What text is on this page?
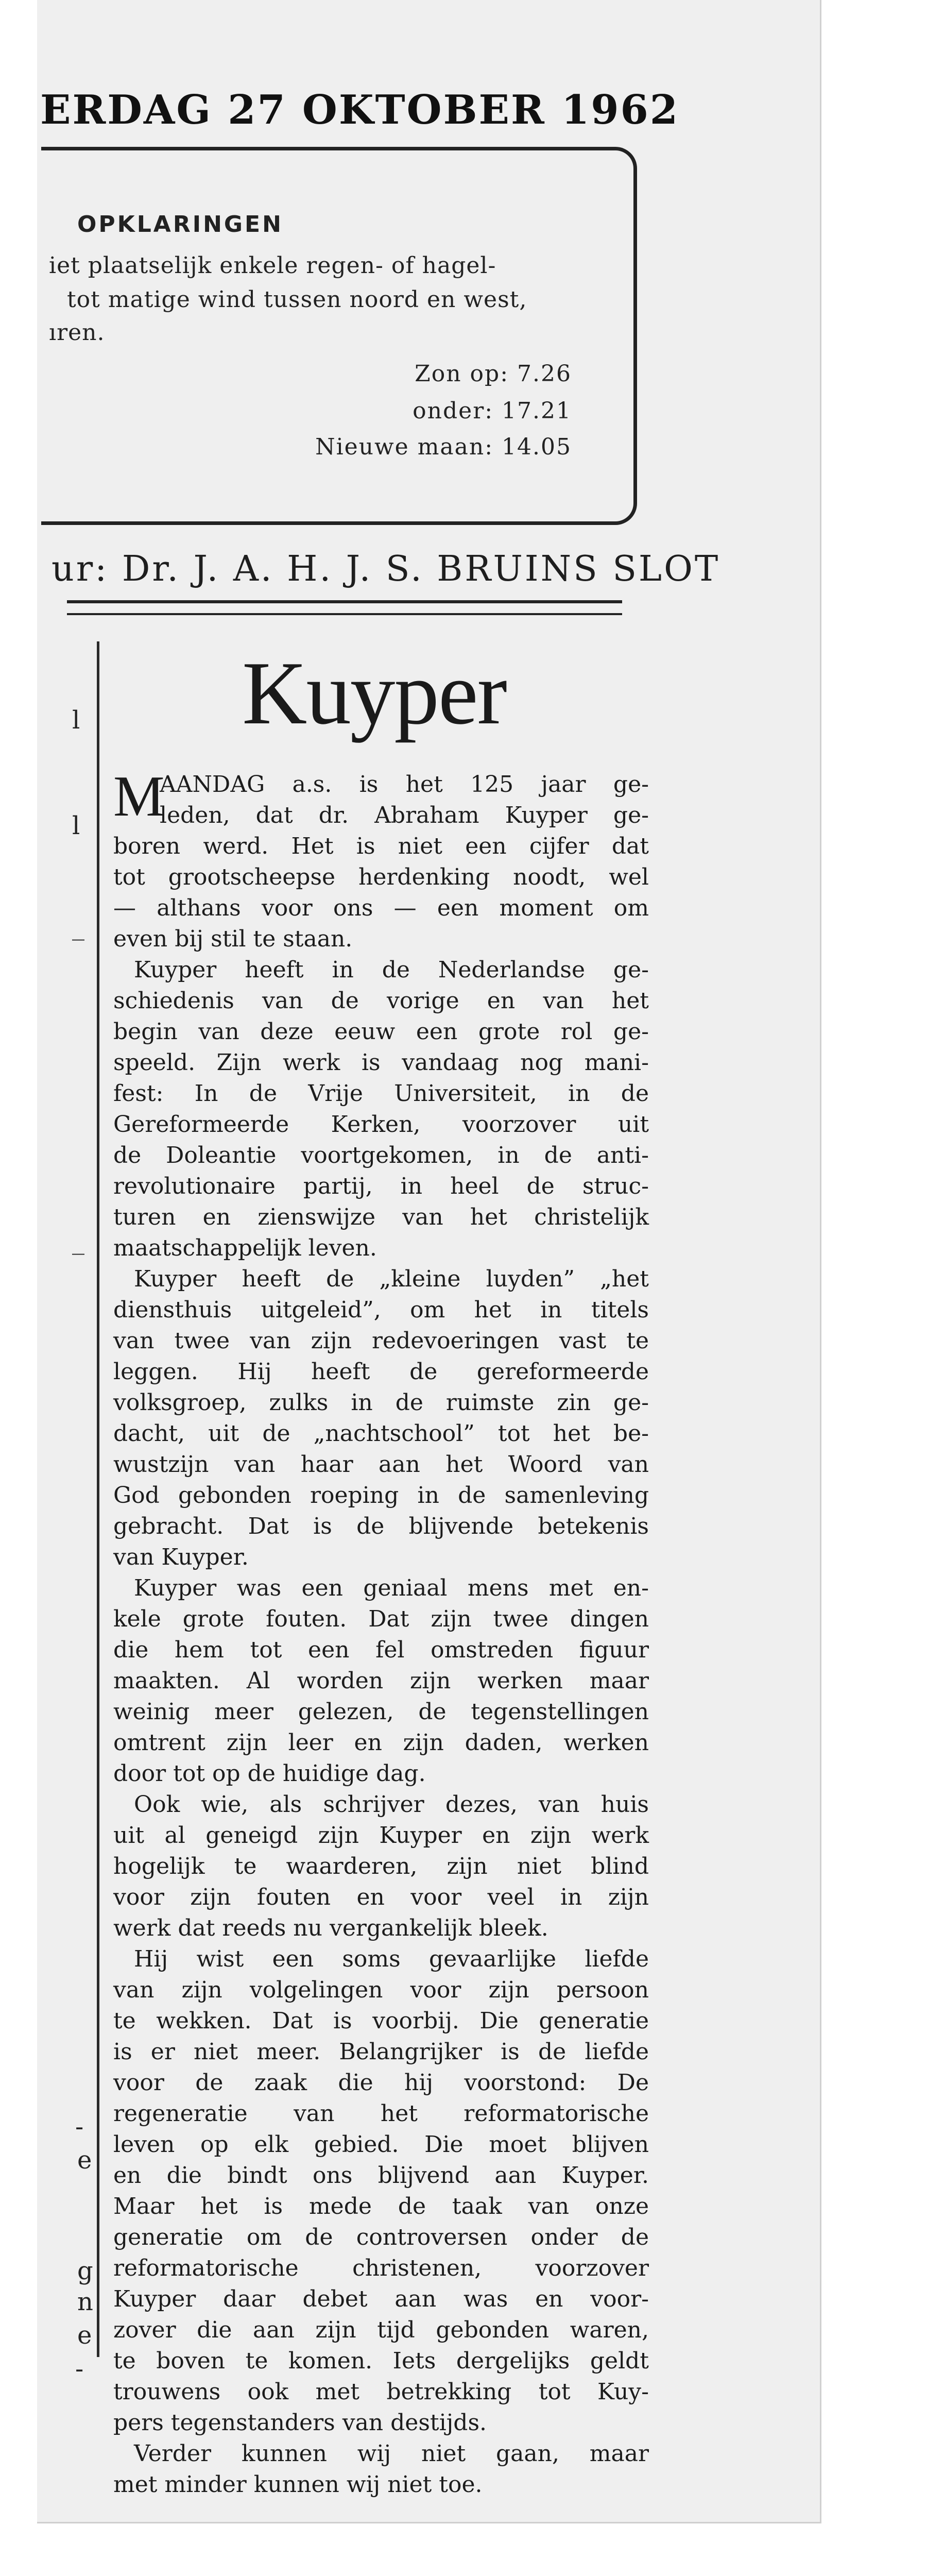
ERDAG 27 OKTOBER 1962
OPKLARINGEN
iet plaatselijk enkele regen- of hagel-
tot matige wind tussen noord en west,
ıren.
Zon op: 7.26
onder: 17.21
Nieuwe maan: 14.05
ur: Dr. J. A. H. J. S. BRUINS SLOT
l
l
_
_
-
e
g
n
e
-
Kuyper
M
AANDAG a.s. is het 125 jaar ge-
leden, dat dr. Abraham Kuyper ge-
boren werd. Het is niet een cijfer dat
tot grootscheepse herdenking noodt, wel
— althans voor ons — een moment om
even bij stil te staan.
Kuyper heeft in de Nederlandse ge-
schiedenis van de vorige en van het
begin van deze eeuw een grote rol ge-
speeld. Zijn werk is vandaag nog mani-
fest: In de Vrije Universiteit, in de
Gereformeerde Kerken, voorzover uit
de Doleantie voortgekomen, in de anti-
revolutionaire partij, in heel de struc-
turen en zienswijze van het christelijk
maatschappelijk leven.
Kuyper heeft de „kleine luyden” „het
diensthuis uitgeleid”, om het in titels
van twee van zijn redevoeringen vast te
leggen. Hij heeft de gereformeerde
volksgroep, zulks in de ruimste zin ge-
dacht, uit de „nachtschool” tot het be-
wustzijn van haar aan het Woord van
God gebonden roeping in de samenleving
gebracht. Dat is de blijvende betekenis
van Kuyper.
Kuyper was een geniaal mens met en-
kele grote fouten. Dat zijn twee dingen
die hem tot een fel omstreden figuur
maakten. Al worden zijn werken maar
weinig meer gelezen, de tegenstellingen
omtrent zijn leer en zijn daden, werken
door tot op de huidige dag.
Ook wie, als schrijver dezes, van huis
uit al geneigd zijn Kuyper en zijn werk
hogelijk te waarderen, zijn niet blind
voor zijn fouten en voor veel in zijn
werk dat reeds nu vergankelijk bleek.
Hij wist een soms gevaarlijke liefde
van zijn volgelingen voor zijn persoon
te wekken. Dat is voorbij. Die generatie
is er niet meer. Belangrijker is de liefde
voor de zaak die hij voorstond: De
regeneratie van het reformatorische
leven op elk gebied. Die moet blijven
en die bindt ons blijvend aan Kuyper.
Maar het is mede de taak van onze
generatie om de controversen onder de
reformatorische christenen, voorzover
Kuyper daar debet aan was en voor-
zover die aan zijn tijd gebonden waren,
te boven te komen. Iets dergelijks geldt
trouwens ook met betrekking tot Kuy-
pers tegenstanders van destijds.
Verder kunnen wij niet gaan, maar
met minder kunnen wij niet toe.
